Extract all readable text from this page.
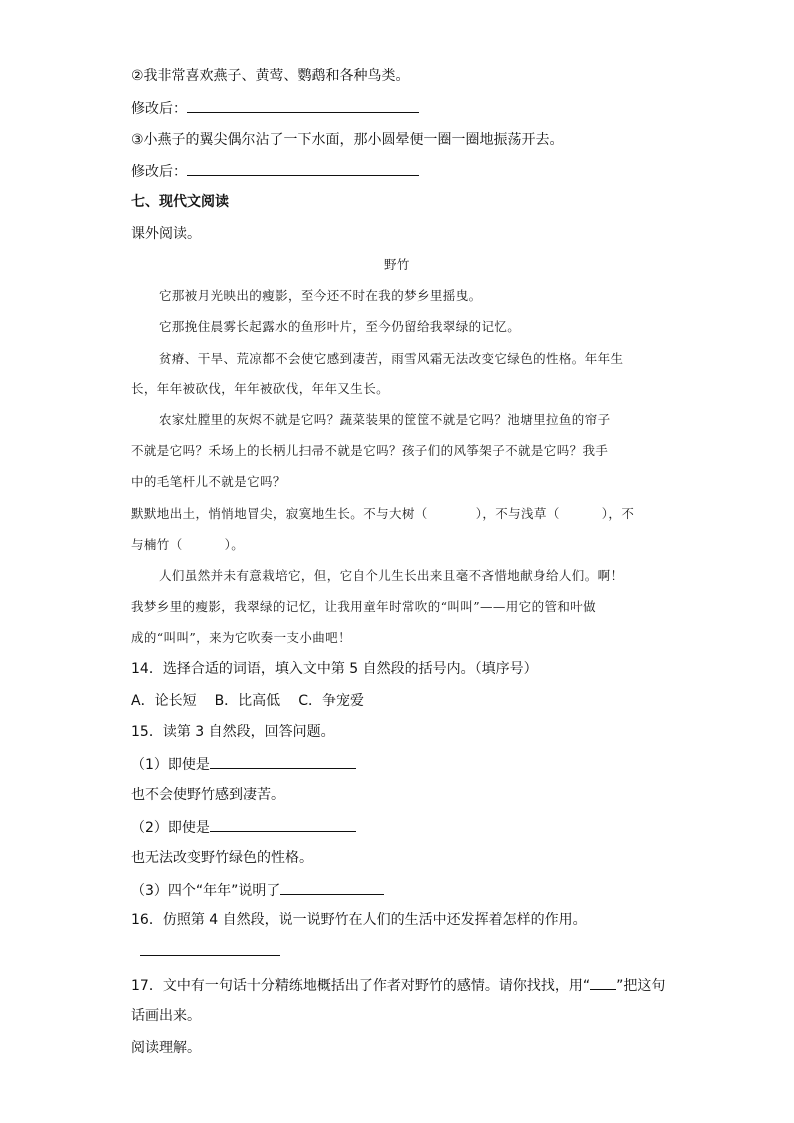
②我非常喜欢燕子、黄莺、鹦鹉和各种鸟类。
修改后：
③小燕子的翼尖偶尔沾了一下水面，那小圆晕便一圈一圈地振荡开去。
修改后：
七、现代文阅读
课外阅读。
野竹
它那被月光映出的瘦影，至今还不时在我的梦乡里摇曳。
它那挽住晨雾长起露水的鱼形叶片，至今仍留给我翠绿的记忆。
贫瘠、干旱、荒凉都不会使它感到凄苦，雨雪风霜无法改变它绿色的性格。年年生
长，年年被砍伐，年年被砍伐，年年又生长。
农家灶膛里的灰烬不就是它吗？蔬菜装果的筐筐不就是它吗？池塘里拉鱼的帘子
不就是它吗？禾场上的长柄儿扫帚不就是它吗？孩子们的风筝架子不就是它吗？我手
中的毛笔杆儿不就是它吗？
默默地出土，悄悄地冒尖，寂寞地生长。不与大树（	），不与浅草（	），不
与楠竹（	）。
人们虽然并未有意栽培它，但，它自个儿生长出来且毫不吝惜地献身给人们。啊！
我梦乡里的瘦影，我翠绿的记忆，让我用童年时常吹的“叫叫”——用它的管和叶做
成的“叫叫”，来为它吹奏一支小曲吧！
14．选择合适的词语，填入文中第 5 自然段的括号内。（填序号）
A．论长短 B．比高低 C．争宠爱
15．读第 3 自然段，回答问题。
（1）即使是
也不会使野竹感到凄苦。
（2）即使是
也无法改变野竹绿色的性格。
（3）四个“年年”说明了
16．仿照第 4 自然段，说一说野竹在人们的生活中还发挥着怎样的作用。
17．文中有一句话十分精练地概括出了作者对野竹的感情。请你找找，用“ ”把这句
话画出来。
阅读理解。
